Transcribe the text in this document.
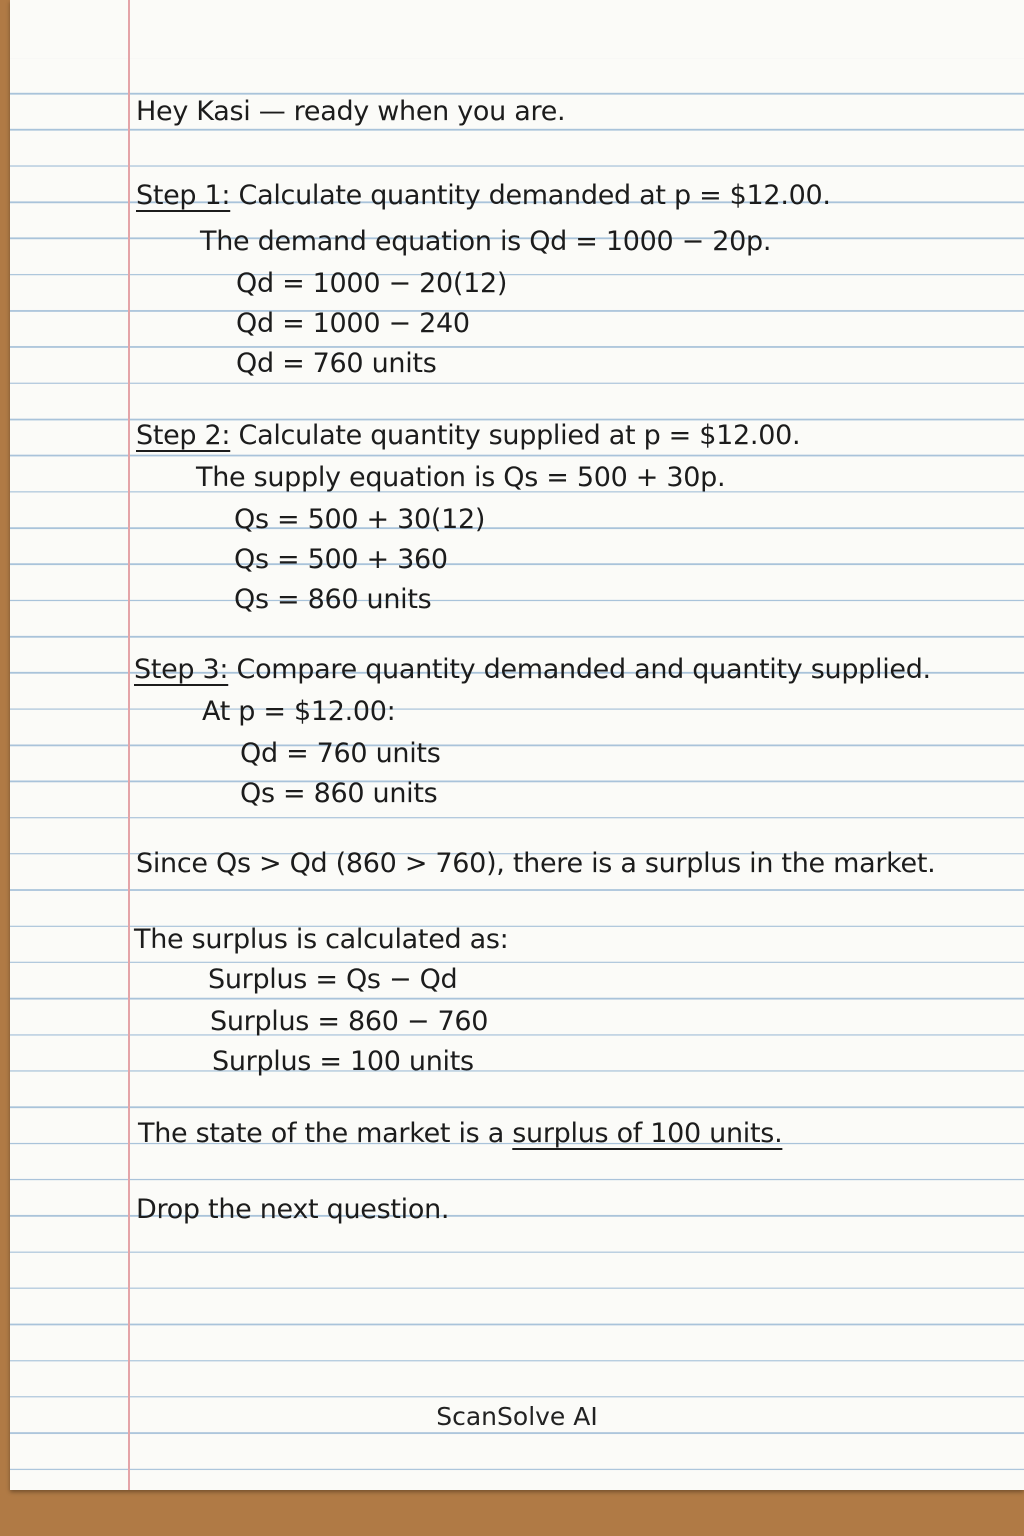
Hey Kasi — ready when you are.
Step 1: Calculate quantity demanded at p = $12.00.
The demand equation is Qd = 1000 − 20p.
Qd = 1000 − 20(12)
Qd = 1000 − 240
Qd = 760 units
Step 2: Calculate quantity supplied at p = $12.00.
The supply equation is Qs = 500 + 30p.
Qs = 500 + 30(12)
Qs = 500 + 360
Qs = 860 units
Step 3: Compare quantity demanded and quantity supplied.
At p = $12.00:
Qd = 760 units
Qs = 860 units
Since Qs > Qd (860 > 760), there is a surplus in the market.
The surplus is calculated as:
Surplus = Qs − Qd
Surplus = 860 − 760
Surplus = 100 units
The state of the market is a surplus of 100 units.
Drop the next question.
ScanSolve AI
